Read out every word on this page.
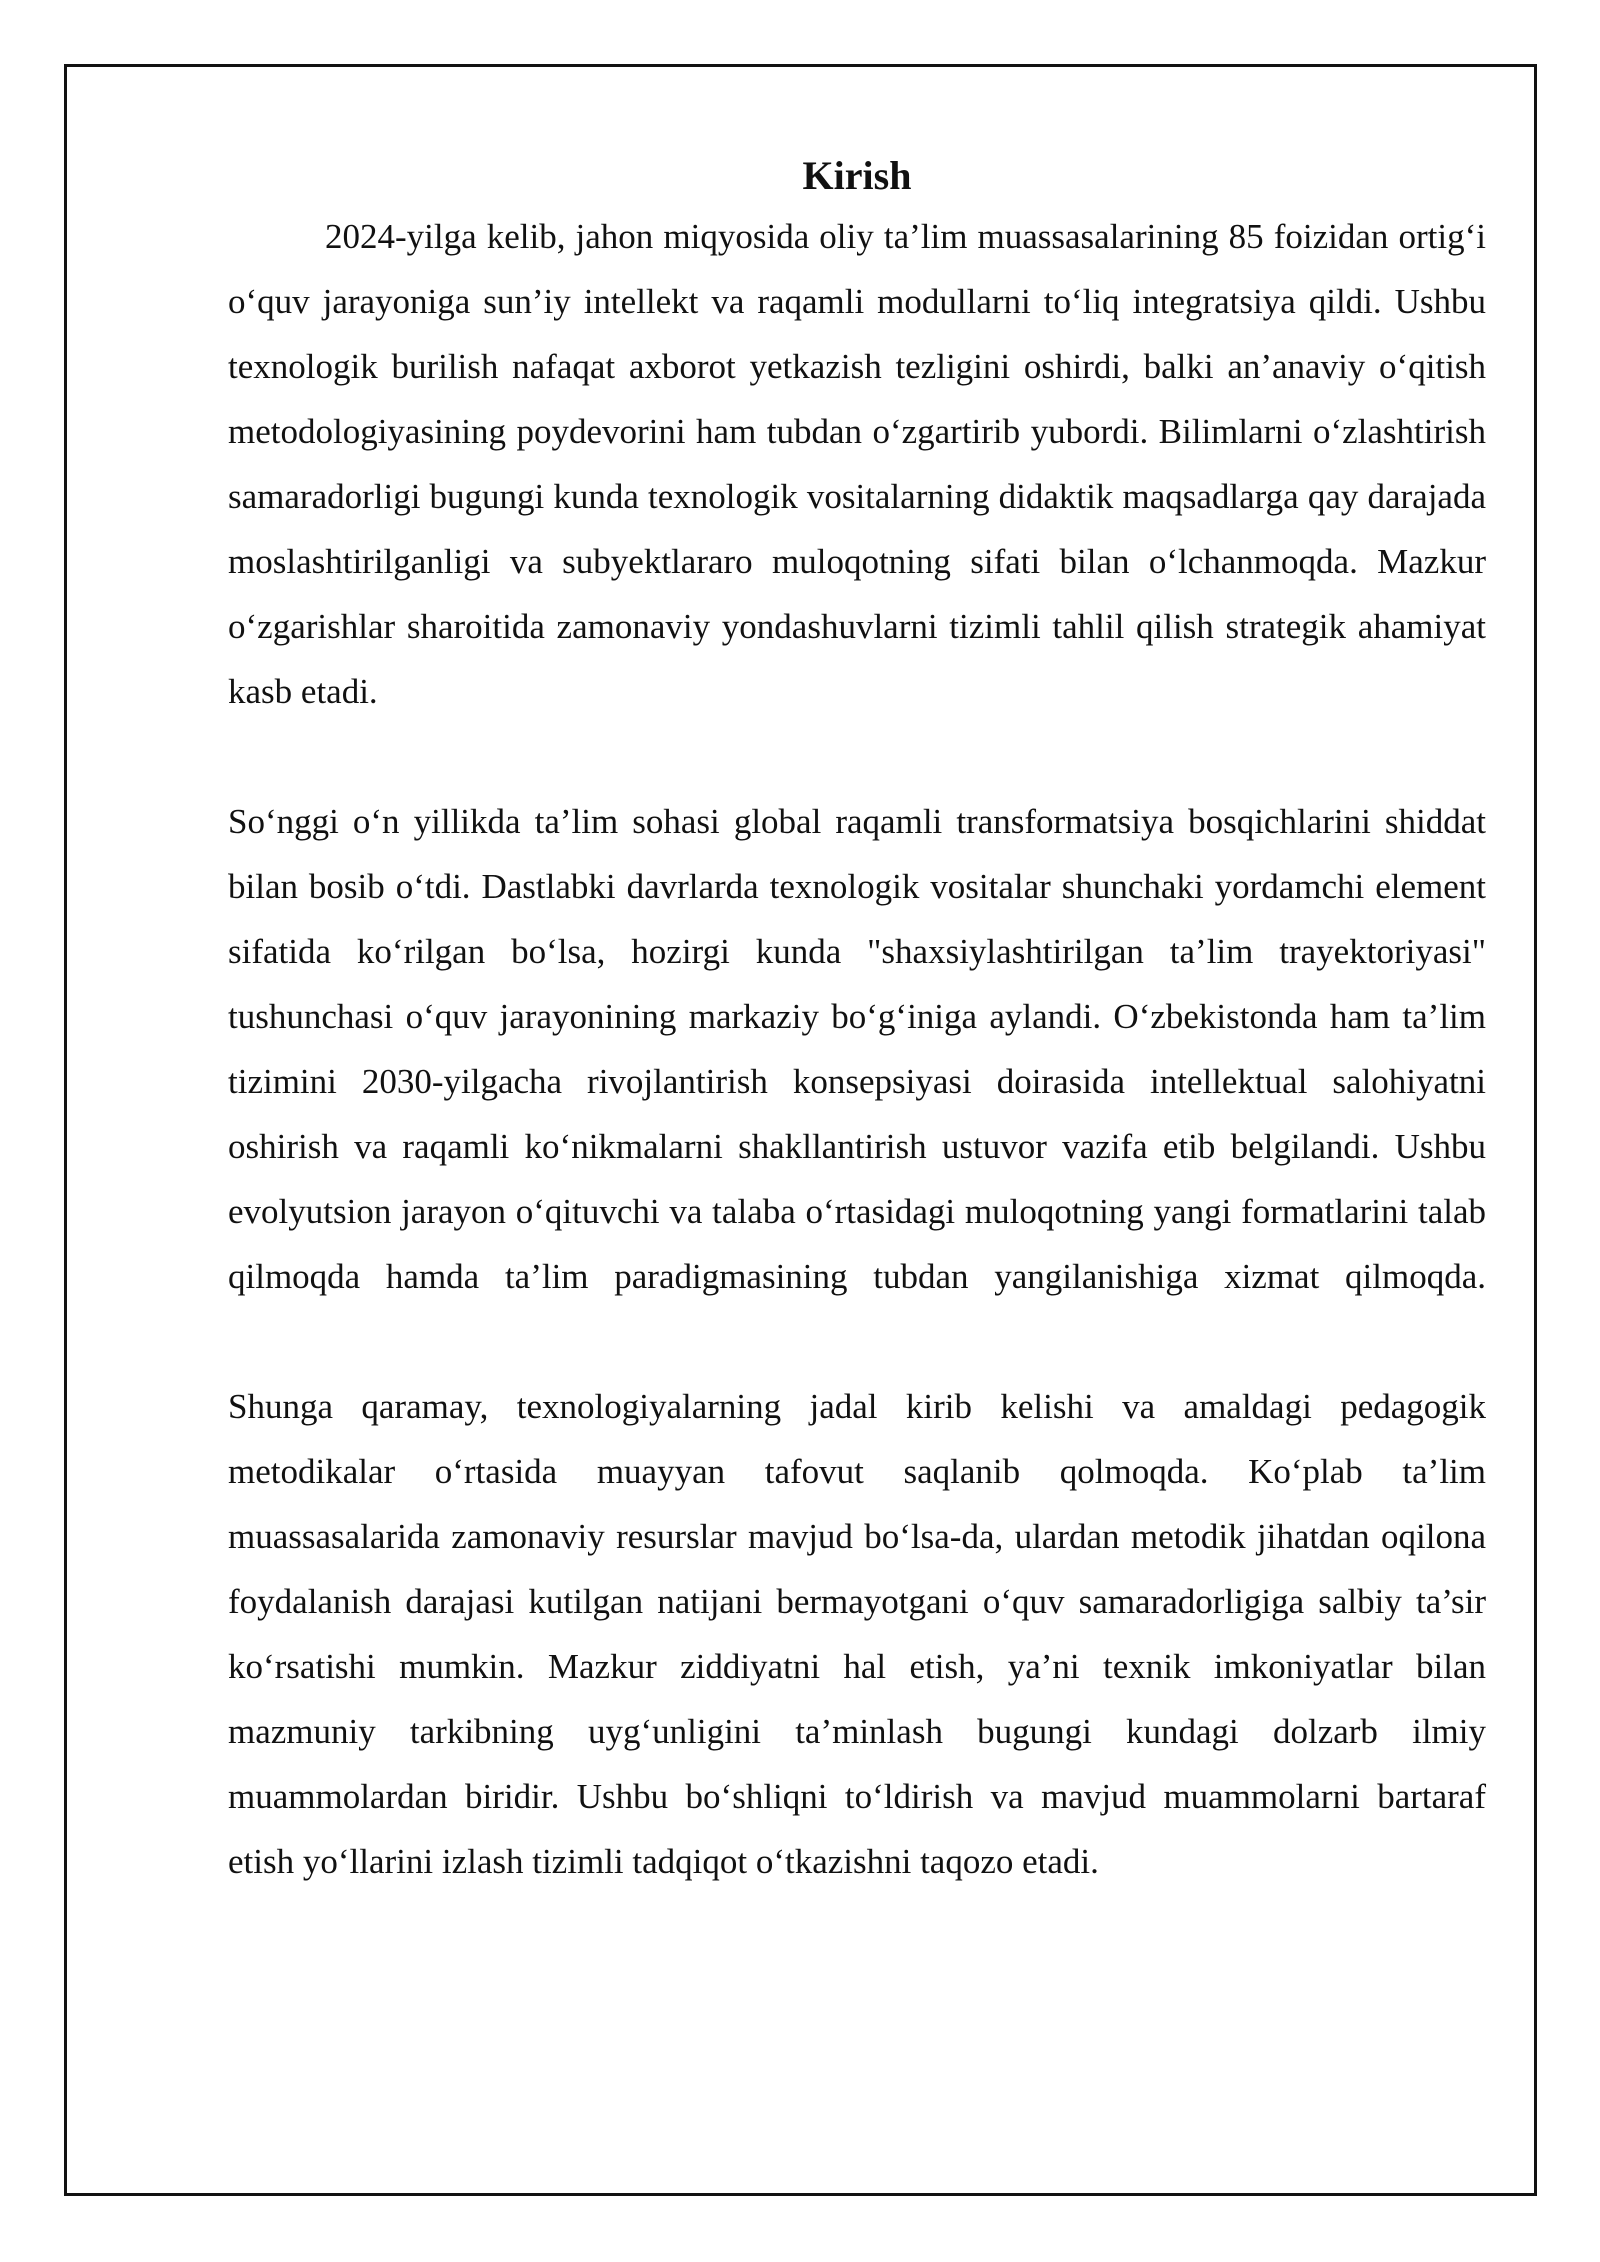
Kirish

2024-yilga kelib, jahon miqyosida oliy ta’lim muassasalarining 85 foizidan ortig‘i o‘quv jarayoniga sun’iy intellekt va raqamli modullarni to‘liq integratsiya qildi. Ushbu texnologik burilish nafaqat axborot yetkazish tezligini oshirdi, balki an’anaviy o‘qitish metodologiyasining poydevorini ham tubdan o‘zgartirib yubordi. Bilimlarni o‘zlashtirish samaradorligi bugungi kunda texnologik vositalarning didaktik maqsadlarga qay darajada moslashtirilganligi va subyektlararo muloqotning sifati bilan o‘lchanmoqda. Mazkur o‘zgarishlar sharoitida zamonaviy yondashuvlarni tizimli tahlil qilish strategik ahamiyat kasb etadi.

So‘nggi o‘n yillikda ta’lim sohasi global raqamli transformatsiya bosqichlarini shiddat bilan bosib o‘tdi. Dastlabki davrlarda texnologik vositalar shunchaki yordamchi element sifatida ko‘rilgan bo‘lsa, hozirgi kunda "shaxsiylashtirilgan ta’lim trayektoriyasi" tushunchasi o‘quv jarayonining markaziy bo‘g‘iniga aylandi. O‘zbekistonda ham ta’lim tizimini 2030-yilgacha rivojlantirish konsepsiyasi doirasida intellektual salohiyatni oshirish va raqamli ko‘nikmalarni shakllantirish ustuvor vazifa etib belgilandi. Ushbu evolyutsion jarayon o‘qituvchi va talaba o‘rtasidagi muloqotning yangi formatlarini talab qilmoqda hamda ta’lim paradigmasining tubdan yangilanishiga xizmat qilmoqda.

Shunga qaramay, texnologiyalarning jadal kirib kelishi va amaldagi pedagogik metodikalar o‘rtasida muayyan tafovut saqlanib qolmoqda. Ko‘plab ta’lim muassasalarida zamonaviy resurslar mavjud bo‘lsa-da, ulardan metodik jihatdan oqilona foydalanish darajasi kutilgan natijani bermayotgani o‘quv samaradorligiga salbiy ta’sir ko‘rsatishi mumkin. Mazkur ziddiyatni hal etish, ya’ni texnik imkoniyatlar bilan mazmuniy tarkibning uyg‘unligini ta’minlash bugungi kundagi dolzarb ilmiy muammolardan biridir. Ushbu bo‘shliqni to‘ldirish va mavjud muammolarni bartaraf etish yo‘llarini izlash tizimli tadqiqot o‘tkazishni taqozo etadi.
